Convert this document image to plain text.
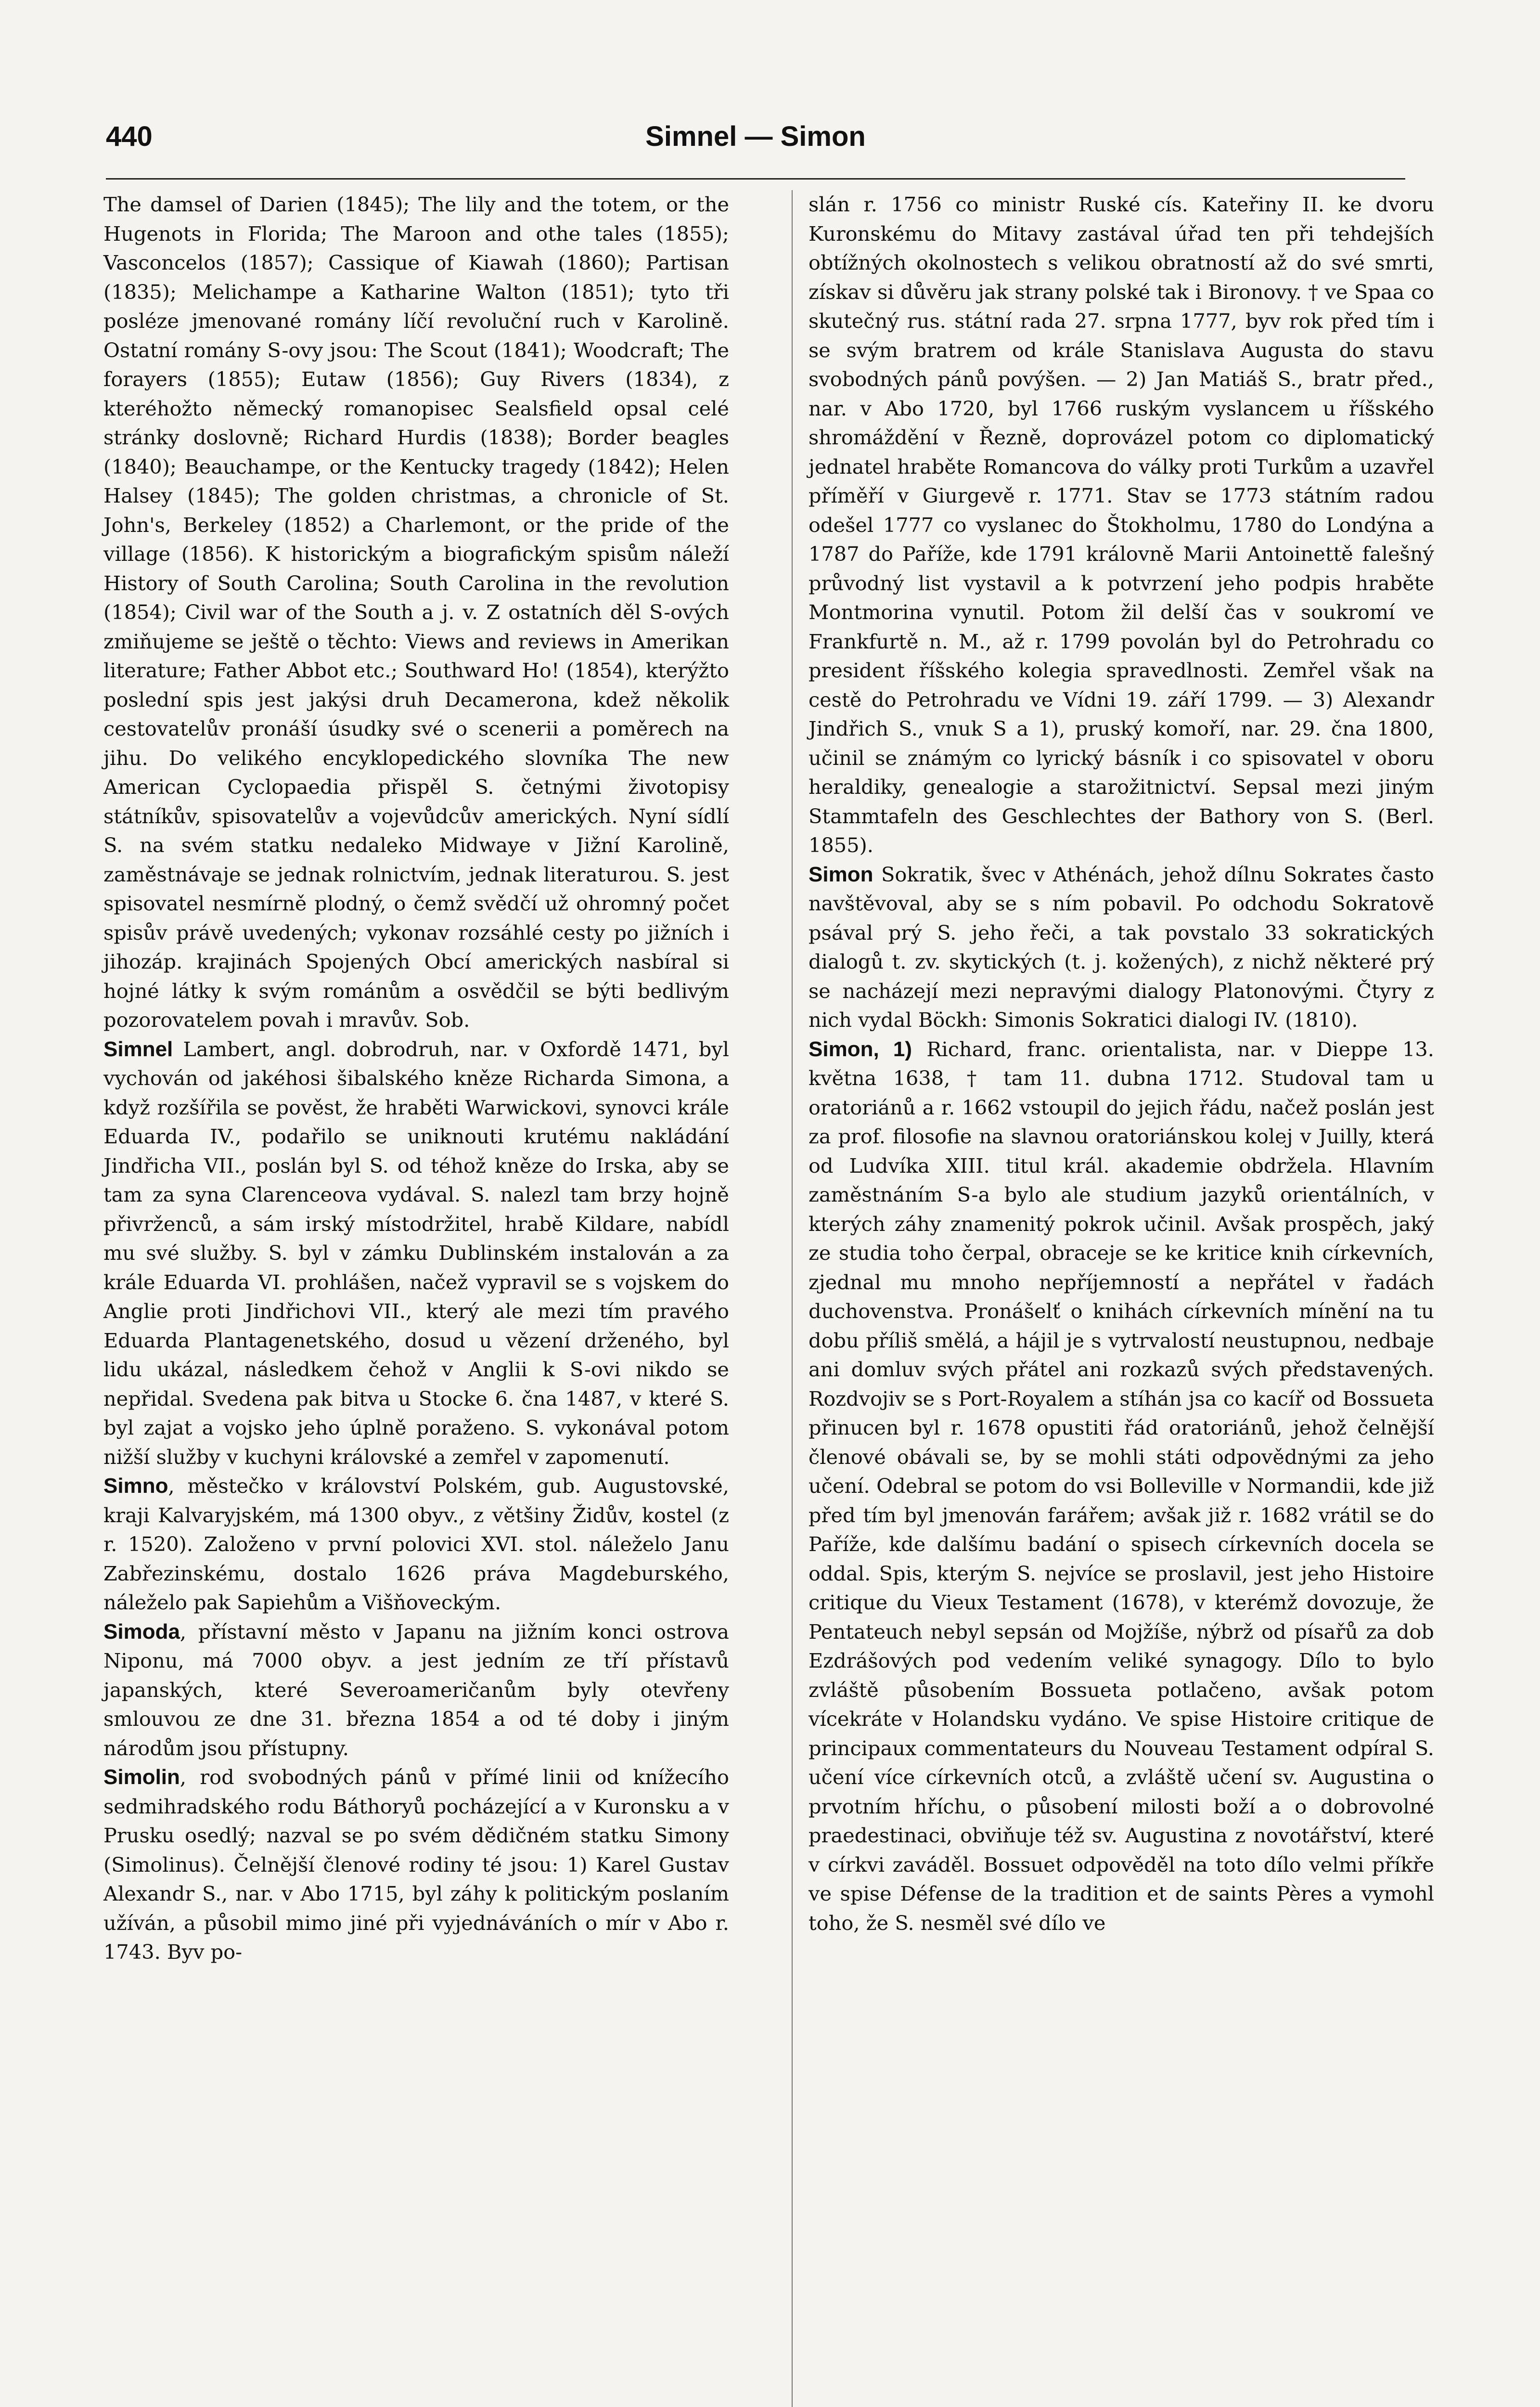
440	Simnel — Simon

The damsel of Darien (1845); The lily and the totem, or the Hugenots in Florida; The Maroon and othe tales (1855); Vasconcelos (1857); Cassique of Kiawah (1860); Partisan (1835); Melichampe a Katharine Walton (1851); tyto tři posléze jmenované romány líčí revoluční ruch v Karolině. Ostatní romány S-ovy jsou: The Scout (1841); Woodcraft; The forayers (1855); Eutaw (1856); Guy Rivers (1834), z kteréhožto německý romanopisec Sealsfield opsal celé stránky doslovně; Richard Hurdis (1838); Border beagles (1840); Beauchampe, or the Kentucky tragedy (1842); Helen Halsey (1845); The golden christmas, a chronicle of St. John's, Berkeley (1852) a Charlemont, or the pride of the village (1856). K historickým a biografickým spisům náleží History of South Carolina; South Carolina in the revolution (1854); Civil war of the South a j. v. Z ostatních děl S-ových zmiňujeme se ještě o těchto: Views and reviews in Amerikan literature; Father Abbot etc.; Southward Ho! (1854), kterýžto poslední spis jest jakýsi druh Decamerona, kdež několik cestovatelův pronáší úsudky své o scenerii a poměrech na jihu. Do velikého encyklopedického slovníka The new American Cyclopaedia přispěl S. četnými životopisy státníkův, spisovatelův a vojevůdcův amerických. Nyní sídlí S. na svém statku nedaleko Midwaye v Jižní Karolině, zaměstnávaje se jednak rolnictvím, jednak literaturou. S. jest spisovatel nesmírně plodný, o čemž svědčí už ohromný počet spisův právě uvedených; vykonav rozsáhlé cesty po jižních i jihozáp. krajinách Spojených Obcí amerických nasbíral si hojné látky k svým románům a osvědčil se býti bedlivým pozorovatelem povah i mravův. Sob.

Simnel Lambert, angl. dobrodruh, nar. v Oxfordě 1471, byl vychován od jakéhosi šibalského kněze Richarda Simona, a když rozšířila se pověst, že hraběti Warwickovi, synovci krále Eduarda IV., podařilo se uniknouti krutému nakládání Jindřicha VII., poslán byl S. od téhož kněze do Irska, aby se tam za syna Clarenceova vydával. S. nalezl tam brzy hojně přivrženců, a sám irský místodržitel, hrabě Kildare, nabídl mu své služby. S. byl v zámku Dublinském instalován a za krále Eduarda VI. prohlášen, načež vypravil se s vojskem do Anglie proti Jindřichovi VII., který ale mezi tím pravého Eduarda Plantagenetského, dosud u vězení drženého, byl lidu ukázal, následkem čehož v Anglii k S-ovi nikdo se nepřidal. Svedena pak bitva u Stocke 6. čna 1487, v které S. byl zajat a vojsko jeho úplně poraženo. S. vykonával potom nižší služby v kuchyni královské a zemřel v zapomenutí.

Simno, městečko v království Polském, gub. Augustovské, kraji Kalvaryjském, má 1300 obyv., z většiny Židův, kostel (z r. 1520). Založeno v první polovici XVI. stol. náleželo Janu Zabřezinskému, dostalo 1626 práva Magdeburského, náleželo pak Sapiehům a Višňoveckým.

Simoda, přístavní město v Japanu na jižním konci ostrova Niponu, má 7000 obyv. a jest jedním ze tří přístavů japanských, které Severoameričanům byly otevřeny smlouvou ze dne 31. března 1854 a od té doby i jiným národům jsou přístupny.

Simolin, rod svobodných pánů v přímé linii od knížecího sedmihradského rodu Báthoryů pocházející a v Kuronsku a v Prusku osedlý; nazval se po svém dědičném statku Simony (Simolinus). Čelnější členové rodiny té jsou: 1) Karel Gustav Alexandr S., nar. v Abo 1715, byl záhy k politickým poslaním užíván, a působil mimo jiné při vyjednáváních o mír v Abo r. 1743. Byv po-

slán r. 1756 co ministr Ruské cís. Kateřiny II. ke dvoru Kuronskému do Mitavy zastával úřad ten při tehdejších obtížných okolnostech s velikou obratností až do své smrti, získav si důvěru jak strany polské tak i Bironovy. † ve Spaa co skutečný rus. státní rada 27. srpna 1777, byv rok před tím i se svým bratrem od krále Stanislava Augusta do stavu svobodných pánů povýšen. — 2) Jan Matiáš S., bratr před., nar. v Abo 1720, byl 1766 ruským vyslancem u říšského shromáždění v Řezně, doprovázel potom co diplomatický jednatel hraběte Romancova do války proti Turkům a uzavřel příměří v Giurgevě r. 1771. Stav se 1773 státním radou odešel 1777 co vyslanec do Štokholmu, 1780 do Londýna a 1787 do Paříže, kde 1791 královně Marii Antoinettě falešný průvodný list vystavil a k potvrzení jeho podpis hraběte Montmorina vynutil. Potom žil delší čas v soukromí ve Frankfurtě n. M., až r. 1799 povolán byl do Petrohradu co president říšského kolegia spravedlnosti. Zemřel však na cestě do Petrohradu ve Vídni 19. září 1799. — 3) Alexandr Jindřich S., vnuk S a 1), pruský komoří, nar. 29. čna 1800, učinil se známým co lyrický básník i co spisovatel v oboru heraldiky, genealogie a starožitnictví. Sepsal mezi jiným Stammtafeln des Geschlechtes der Bathory von S. (Berl. 1855).

Simon Sokratik, švec v Athénách, jehož dílnu Sokrates často navštěvoval, aby se s ním pobavil. Po odchodu Sokratově psával prý S. jeho řeči, a tak povstalo 33 sokratických dialogů t. zv. skytických (t. j. kožených), z nichž některé prý se nacházejí mezi nepravými dialogy Platonovými. Čtyry z nich vydal Böckh: Simonis Sokratici dialogi IV. (1810).

Simon, 1) Richard, franc. orientalista, nar. v Dieppe 13. května 1638, † tam 11. dubna 1712. Studoval tam u oratoriánů a r. 1662 vstoupil do jejich řádu, načež poslán jest za prof. filosofie na slavnou oratoriánskou kolej v Juilly, která od Ludvíka XIII. titul král. akademie obdržela. Hlavním zaměstnáním S-a bylo ale studium jazyků orientálních, v kterých záhy znamenitý pokrok učinil. Avšak prospěch, jaký ze studia toho čerpal, obraceje se ke kritice knih církevních, zjednal mu mnoho nepříjemností a nepřátel v řadách duchovenstva. Pronášelť o knihách církevních mínění na tu dobu příliš smělá, a hájil je s vytrvalostí neustupnou, nedbaje ani domluv svých přátel ani rozkazů svých představených. Rozdvojiv se s Port-Royalem a stíhán jsa co kacíř od Bossueta přinucen byl r. 1678 opustiti řád oratoriánů, jehož čelnější členové obávali se, by se mohli státi odpovědnými za jeho učení. Odebral se potom do vsi Bolleville v Normandii, kde již před tím byl jmenován farářem; avšak již r. 1682 vrátil se do Paříže, kde dalšímu badání o spisech církevních docela se oddal. Spis, kterým S. nejvíce se proslavil, jest jeho Histoire critique du Vieux Testament (1678), v kterémž dovozuje, že Pentateuch nebyl sepsán od Mojžíše, nýbrž od písařů za dob Ezdrášových pod vedením veliké synagogy. Dílo to bylo zvláště působením Bossueta potlačeno, avšak potom vícekráte v Holandsku vydáno. Ve spise Histoire critique de principaux commentateurs du Nouveau Testament odpíral S. učení více církevních otců, a zvláště učení sv. Augustina o prvotním hříchu, o působení milosti boží a o dobrovolné praedestinaci, obviňuje též sv. Augustina z novotářství, které v církvi zaváděl. Bossuet odpověděl na toto dílo velmi příkře ve spise Défense de la tradition et de saints Pères a vymohl toho, že S. nesměl své dílo ve
